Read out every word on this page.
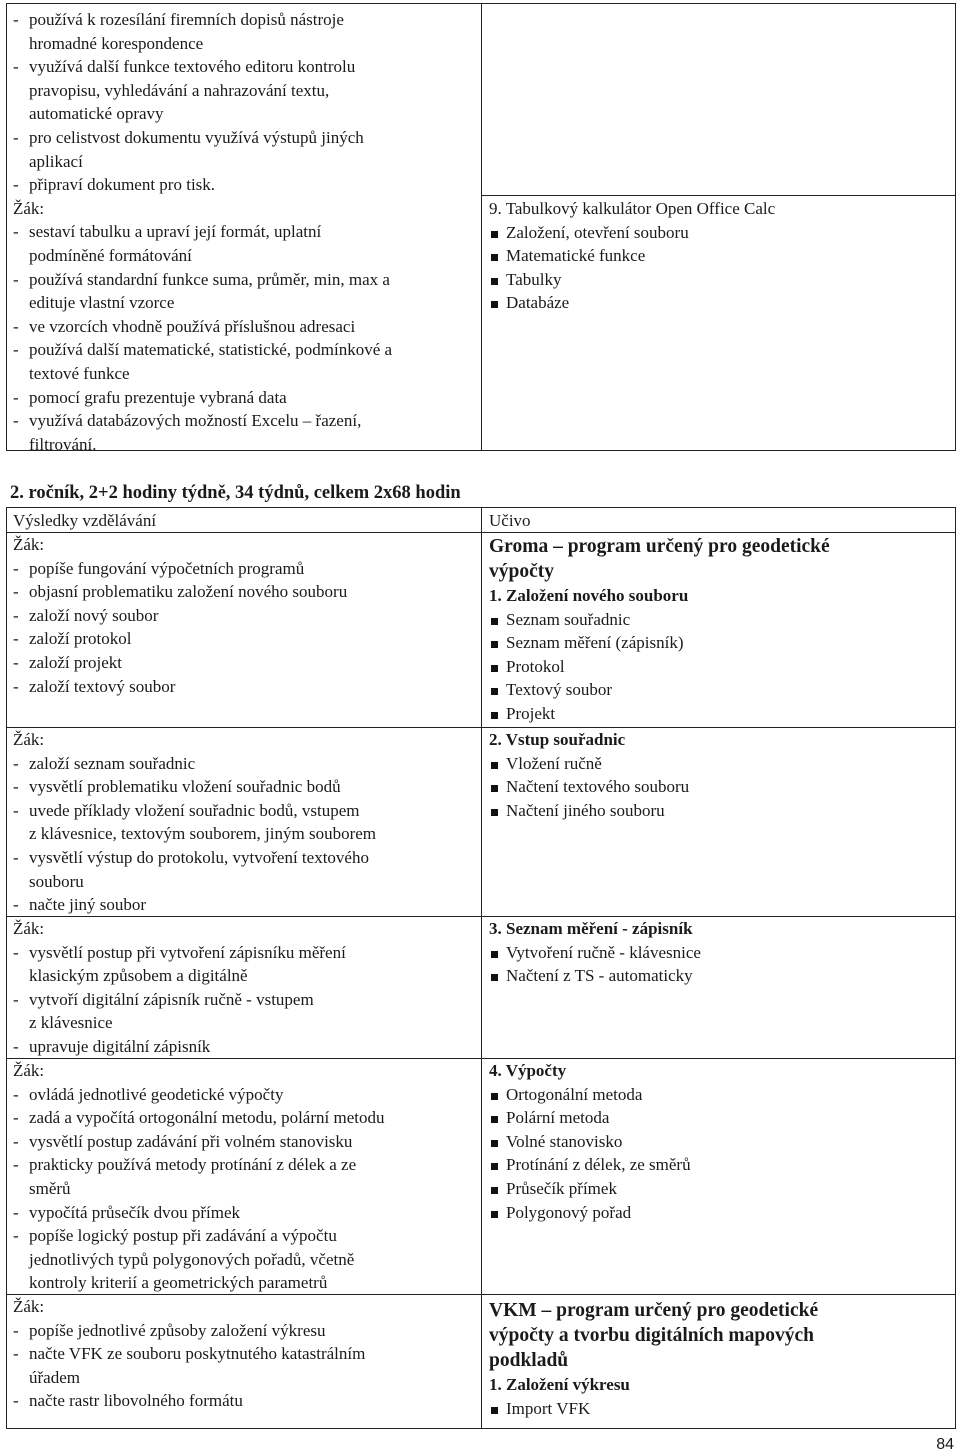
- používá k rozesílání firemních dopisů nástroje
hromadné korespondence
- využívá další funkce textového editoru kontrolu
pravopisu, vyhledávání a nahrazování textu,
automatické opravy
- pro celistvost dokumentu využívá výstupů jiných
aplikací
- připraví dokument pro tisk.
Žák:
- sestaví tabulku a upraví její formát, uplatní
podmíněné formátování
- používá standardní funkce suma, průměr, min, max a
edituje vlastní vzorce
- ve vzorcích vhodně používá příslušnou adresaci
- používá další matematické, statistické, podmínkové a
textové funkce
- pomocí grafu prezentuje vybraná data
- využívá databázových možností Excelu – řazení,
filtrování.
9. Tabulkový kalkulátor Open Office Calc
Založení, otevření souboru
Matematické funkce
Tabulky
Databáze
2. ročník, 2+2 hodiny týdně, 34 týdnů, celkem 2x68 hodin
Výsledky vzdělávání	Učivo
Žák:
- popíše fungování výpočetních programů
- objasní problematiku založení nového souboru
- založí nový soubor
- založí protokol
- založí projekt
- založí textový soubor
Groma – program určený pro geodetické
výpočty
1. Založení nového souboru
Seznam souřadnic
Seznam měření (zápisník)
Protokol
Textový soubor
Projekt
Žák:
- založí seznam souřadnic
- vysvětlí problematiku vložení souřadnic bodů
- uvede příklady vložení souřadnic bodů, vstupem
z klávesnice, textovým souborem, jiným souborem
- vysvětlí výstup do protokolu, vytvoření textového
souboru
- načte jiný soubor
2. Vstup souřadnic
Vložení ručně
Načtení textového souboru
Načtení jiného souboru
Žák:
- vysvětlí postup při vytvoření zápisníku měření
klasickým způsobem a digitálně
- vytvoří digitální zápisník ručně - vstupem
z klávesnice
- upravuje digitální zápisník
3. Seznam měření - zápisník
Vytvoření ručně - klávesnice
Načtení z TS - automaticky
Žák:
- ovládá jednotlivé geodetické výpočty
- zadá a vypočítá ortogonální metodu, polární metodu
- vysvětlí postup zadávání při volném stanovisku
- prakticky používá metody protínání z délek a ze
směrů
- vypočítá průsečík dvou přímek
- popíše logický postup při zadávání a výpočtu
jednotlivých typů polygonových pořadů, včetně
kontroly kriterií a geometrických parametrů
4. Výpočty
Ortogonální metoda
Polární metoda
Volné stanovisko
Protínání z délek, ze směrů
Průsečík přímek
Polygonový pořad
Žák:
- popíše jednotlivé způsoby založení výkresu
- načte VFK ze souboru poskytnutého katastrálním
úřadem
- načte rastr libovolného formátu
VKM – program určený pro geodetické
výpočty a tvorbu digitálních mapových
podkladů
1. Založení výkresu
Import VFK
84
